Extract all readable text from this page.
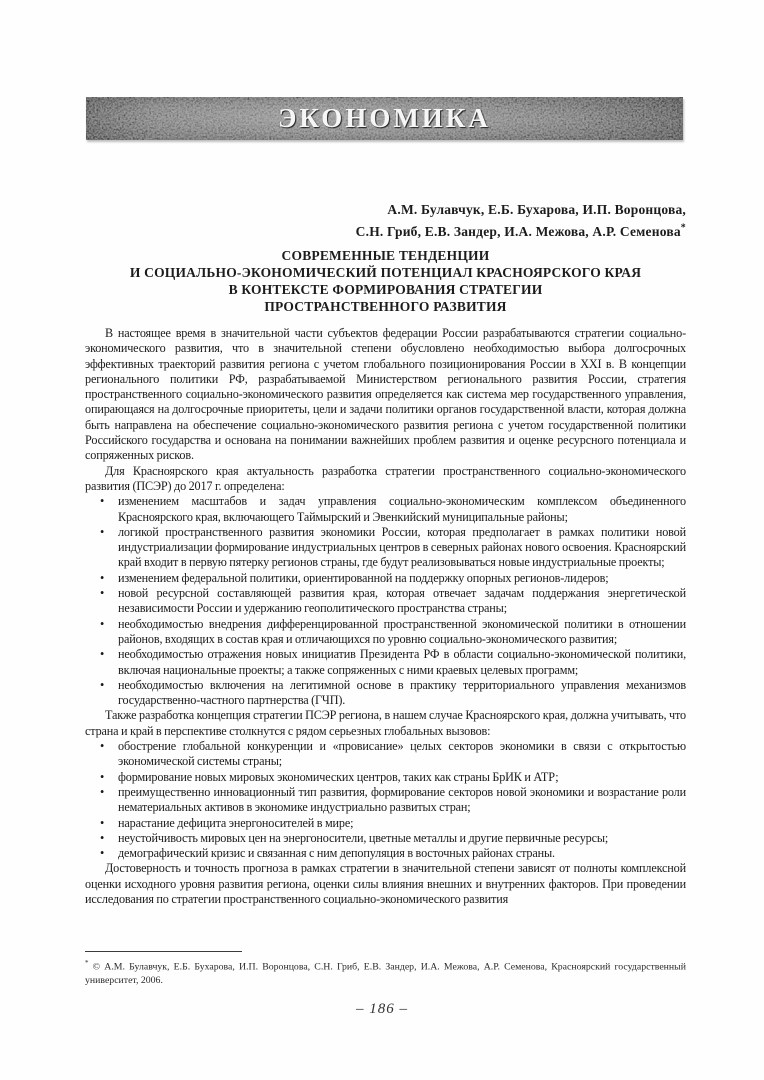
ЭКОНОМИКА
А.М. Булавчук, Е.Б. Бухарова, И.П. Воронцова,
С.Н. Гриб, Е.В. Зандер, И.А. Межова, А.Р. Семенова*
СОВРЕМЕННЫЕ ТЕНДЕНЦИИ
И СОЦИАЛЬНО-ЭКОНОМИЧЕСКИЙ ПОТЕНЦИАЛ КРАСНОЯРСКОГО КРАЯ
В КОНТЕКСТЕ ФОРМИРОВАНИЯ СТРАТЕГИИ
ПРОСТРАНСТВЕННОГО РАЗВИТИЯ

В настоящее время в значительной части субъектов федерации России разрабатываются стратегии социально-экономического развития, что в значительной степени обусловлено необходимостью выбора долгосрочных эффективных траекторий развития региона с учетом глобального позиционирования России в XXI в. В концепции регионального политики РФ, разрабатываемой Министерством регионального развития России, стратегия пространственного социально-экономического развития определяется как система мер государственного управления, опирающаяся на долгосрочные приоритеты, цели и задачи политики органов государственной власти, которая должна быть направлена на обеспечение социально-экономического развития региона с учетом государственной политики Российского государства и основана на понимании важнейших проблем развития и оценке ресурсного потенциала и сопряженных рисков.

Для Красноярского края актуальность разработка стратегии пространственного социально-экономического развития (ПСЭР) до 2017 г. определена:

• изменением масштабов и задач управления социально-экономическим комплексом объединенного Красноярского края, включающего Таймырский и Эвенкийский муниципальные районы;
• логикой пространственного развития экономики России, которая предполагает в рамках политики новой индустриализации формирование индустриальных центров в северных районах нового освоения. Красноярский край входит в первую пятерку регионов страны, где будут реализовываться новые индустриальные проекты;
• изменением федеральной политики, ориентированной на поддержку опорных регионов-лидеров;
• новой ресурсной составляющей развития края, которая отвечает задачам поддержания энергетической независимости России и удержанию геополитического пространства страны;
• необходимостью внедрения дифференцированной пространственной экономической политики в отношении районов, входящих в состав края и отличающихся по уровню социально-экономического развития;
• необходимостью отражения новых инициатив Президента РФ в области социально-экономической политики, включая национальные проекты; а также сопряженных с ними краевых целевых программ;
• необходимостью включения на легитимной основе в практику территориального управления механизмов государственно-частного партнерства (ГЧП).

Также разработка концепция стратегии ПСЭР региона, в нашем случае Красноярского края, должна учитывать, что страна и край в перспективе столкнутся с рядом серьезных глобальных вызовов:

• обострение глобальной конкуренции и «провисание» целых секторов экономики в связи с открытостью экономической системы страны;
• формирование новых мировых экономических центров, таких как страны БрИК и АТР;
• преимущественно инновационный тип развития, формирование секторов новой экономики и возрастание роли нематериальных активов в экономике индустриально развитых стран;
• нарастание дефицита энергоносителей в мире;
• неустойчивость мировых цен на энергоносители, цветные металлы и другие первичные ресурсы;
• демографический кризис и связанная с ним депопуляция в восточных районах страны.

Достоверность и точность прогноза в рамках стратегии в значительной степени зависят от полноты комплексной оценки исходного уровня развития региона, оценки силы влияния внешних и внутренних факторов. При проведении исследования по стратегии пространственного социально-экономического развития

* © А.М. Булавчук, Е.Б. Бухарова, И.П. Воронцова, С.Н. Гриб, Е.В. Зандер, И.А. Межова, А.Р. Семенова, Красноярский государственный университет, 2006.

– 186 –
